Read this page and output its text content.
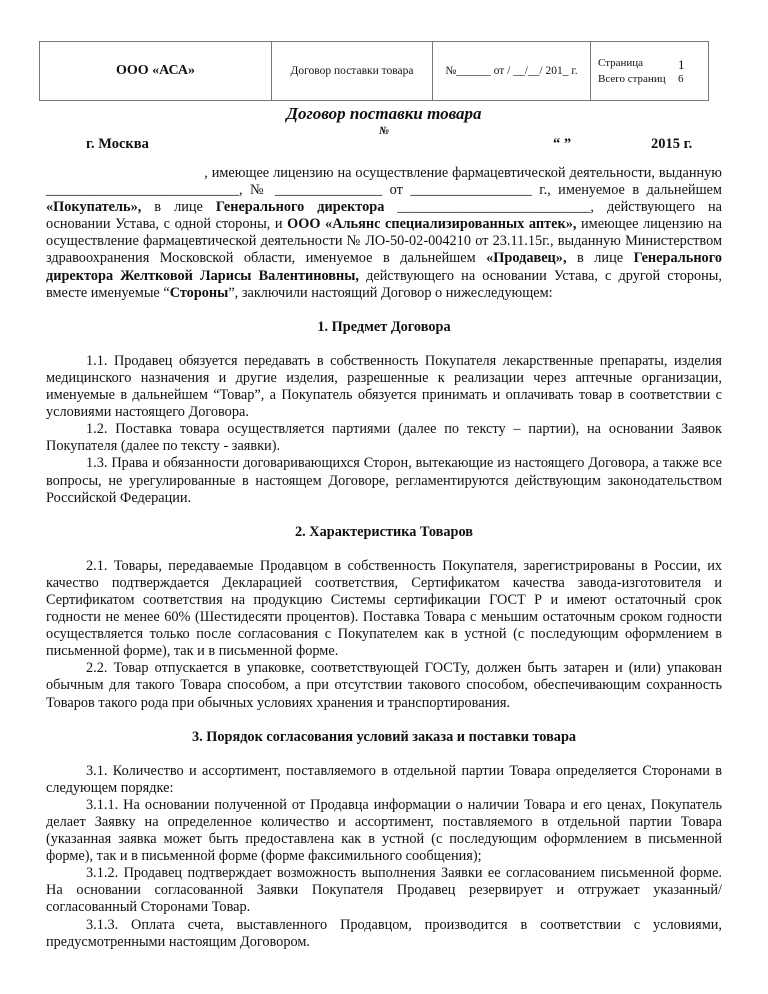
ООО «АСА»	Договор поставки товара	№______ от / __/__/ 201_ г.
Страница	1
Всего страниц	6
Договор поставки товара
№
г. Москва	“ ”	2015 г.

, имеющее лицензию на осуществление фармацевтической деятельности, выданную ___________________________, № _______________ от _________________ г., именуемое в дальнейшем «Покупатель», в лице Генерального директора ___________________________, действующего на основании Устава, с одной стороны, и ООО «Альянс специализированных аптек», имеющее лицензию на осуществление фармацевтической деятельности № ЛО-50-02-004210 от 23.11.15г., выданную Министерством здравоохранения Московской области, именуемое в дальнейшем «Продавец», в лице Генерального директора Желтковой Ларисы Валентиновны, действующего на основании Устава, с другой стороны, вместе именуемые “Стороны”, заключили настоящий Договор о нижеследующем:

1. Предмет Договора

1.1. Продавец обязуется передавать в собственность Покупателя лекарственные препараты, изделия медицинского назначения и другие изделия, разрешенные к реализации через аптечные организации, именуемые в дальнейшем “Товар”, а Покупатель обязуется принимать и оплачивать товар в соответствии с условиями настоящего Договора.

1.2. Поставка товара осуществляется партиями (далее по тексту – партии), на основании Заявок Покупателя (далее по тексту - заявки).

1.3. Права и обязанности договаривающихся Сторон, вытекающие из настоящего Договора, а также все вопросы, не урегулированные в настоящем Договоре, регламентируются действующим законодательством Российской Федерации.

2. Характеристика Товаров

2.1. Товары, передаваемые Продавцом в собственность Покупателя, зарегистрированы в России, их качество подтверждается Декларацией соответствия, Сертификатом качества завода-изготовителя и Сертификатом соответствия на продукцию Системы сертификации ГОСТ Р и имеют остаточный срок годности не менее 60% (Шестидесяти процентов). Поставка Товара с меньшим остаточным сроком годности осуществляется только после согласования с Покупателем как в устной (с последующим оформлением в письменной форме), так и в письменной форме.

2.2. Товар отпускается в упаковке, соответствующей ГОСТу, должен быть затарен и (или) упакован обычным для такого Товара способом, а при отсутствии такового способом, обеспечивающим сохранность Товаров такого рода при обычных условиях хранения и транспортирования.

3. Порядок согласования условий заказа и поставки товара

3.1. Количество и ассортимент, поставляемого в отдельной партии Товара определяется Сторонами в следующем порядке:

3.1.1. На основании полученной от Продавца информации о наличии Товара и его ценах, Покупатель делает Заявку на определенное количество и ассортимент, поставляемого в отдельной партии Товара (указанная заявка может быть предоставлена как в устной (с последующим оформлением в письменной форме), так и в письменной форме (форме факсимильного сообщения);

3.1.2. Продавец подтверждает возможность выполнения Заявки ее согласованием письменной форме. На основании согласованной Заявки Покупателя Продавец резервирует и отгружает указанный/согласованный Сторонами Товар.

3.1.3. Оплата счета, выставленного Продавцом, производится в соответствии с условиями, предусмотренными настоящим Договором.
